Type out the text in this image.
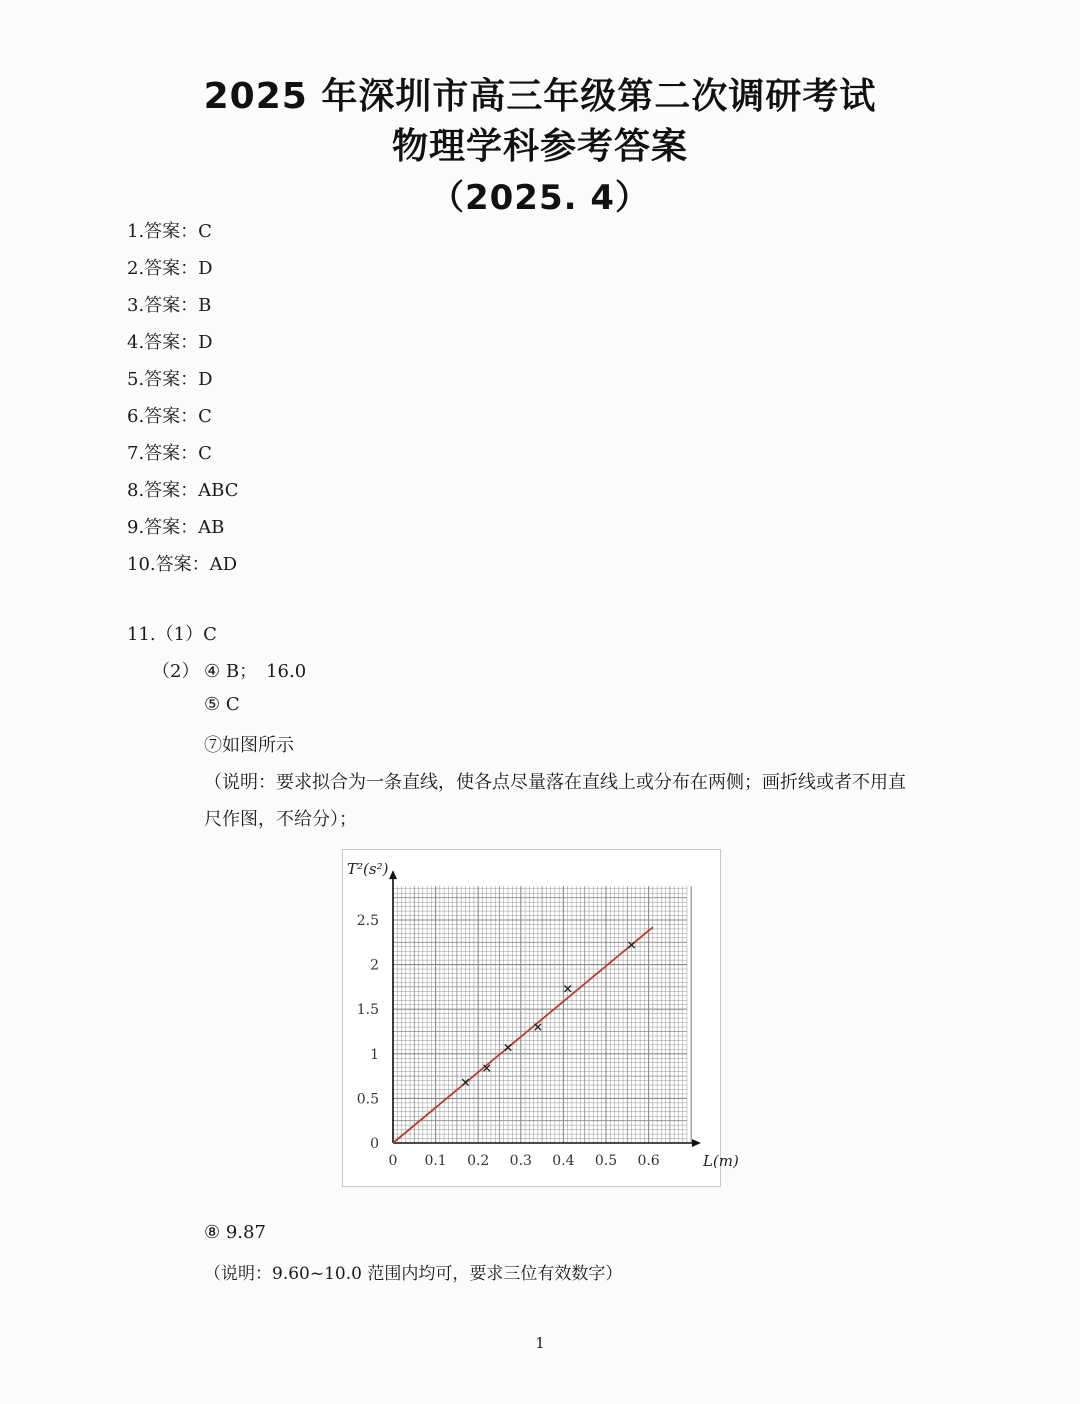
2025 年深圳市高三年级第二次调研考试
物理学科参考答案
（2025. 4）
1.答案：C
2.答案：D
3.答案：B
4.答案：D
5.答案：D
6.答案：C
7.答案：C
8.答案：ABC
9.答案：AB
10.答案：AD
11.（1）C
（2） ④ B；　16.0
⑤ C
⑦如图所示
（说明：要求拟合为一条直线，使各点尽量落在直线上或分布在两侧；画折线或者不用直
尺作图，不给分）；
0 0.1 0.2 0.3 0.4 0.5 0.6
0
0.5
1
1.5
2
2.5
T²(s²)
L(m)
⑧ 9.87
（说明：9.60~10.0 范围内均可，要求三位有效数字）
1
